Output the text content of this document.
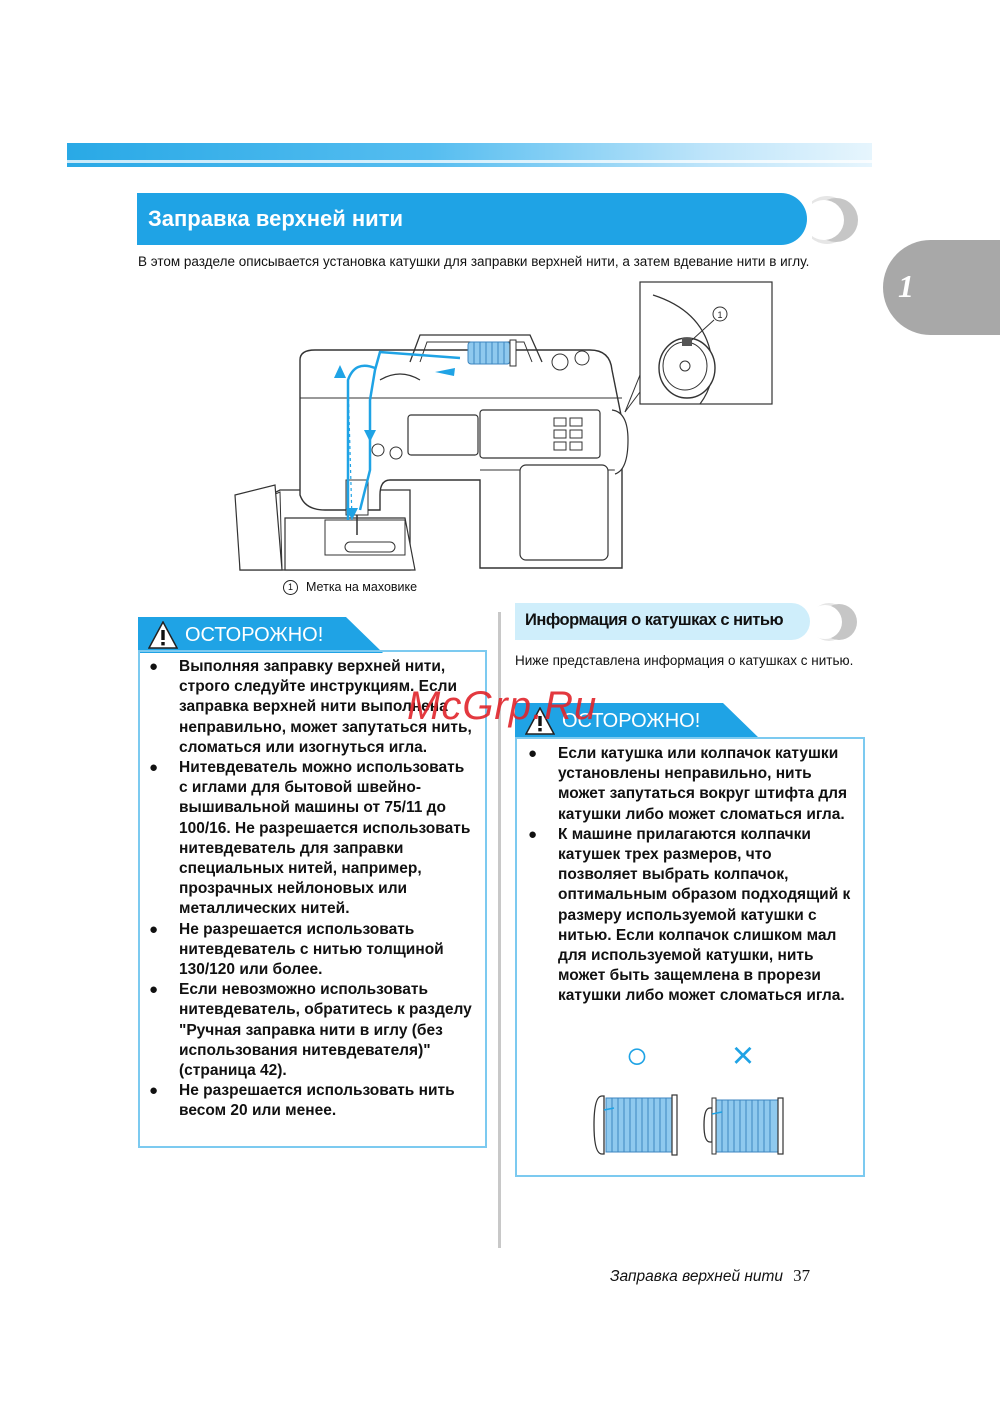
Заправка верхней нити
В этом разделе описывается установка катушки для заправки верхней нити, а затем вдевание нити в иглу.
1
1
1 Метка на маховике
ОСТОРОЖНО!
● Выполняя заправку верхней нити, строго следуйте инструкциям. Если заправка верхней нити выполнена неправильно, может запутаться нить, сломаться или изогнуться игла.
● Нитевдеватель можно использовать с иглами для бытовой швейно-вышивальной машины от 75/11 до 100/16. Не разрешается использовать нитевдеватель для заправки специальных нитей, например, прозрачных нейлоновых или металлических нитей.
● Не разрешается использовать нитевдеватель с нитью толщиной 130/120 или более.
● Если невозможно использовать нитевдеватель, обратитесь к разделу "Ручная заправка нити в иглу (без использования нитевдевателя)" (страница 42).
● Не разрешается использовать нить весом 20 или менее.
Информация о катушках с нитью
Ниже представлена информация о катушках с нитью.
ОСТОРОЖНО!
● Если катушка или колпачок катушки установлены неправильно, нить может запутаться вокруг штифта для катушки либо может сломаться игла.
● К машине прилагаются колпачки катушек трех размеров, что позволяет выбрать колпачок, оптимальным образом подходящий к размеру используемой катушки с нитью. Если колпачок слишком мал для используемой катушки, нить может быть защемлена в прорези катушки либо может сломаться игла.
○ ×
McGrp.Ru
Заправка верхней нити 37
